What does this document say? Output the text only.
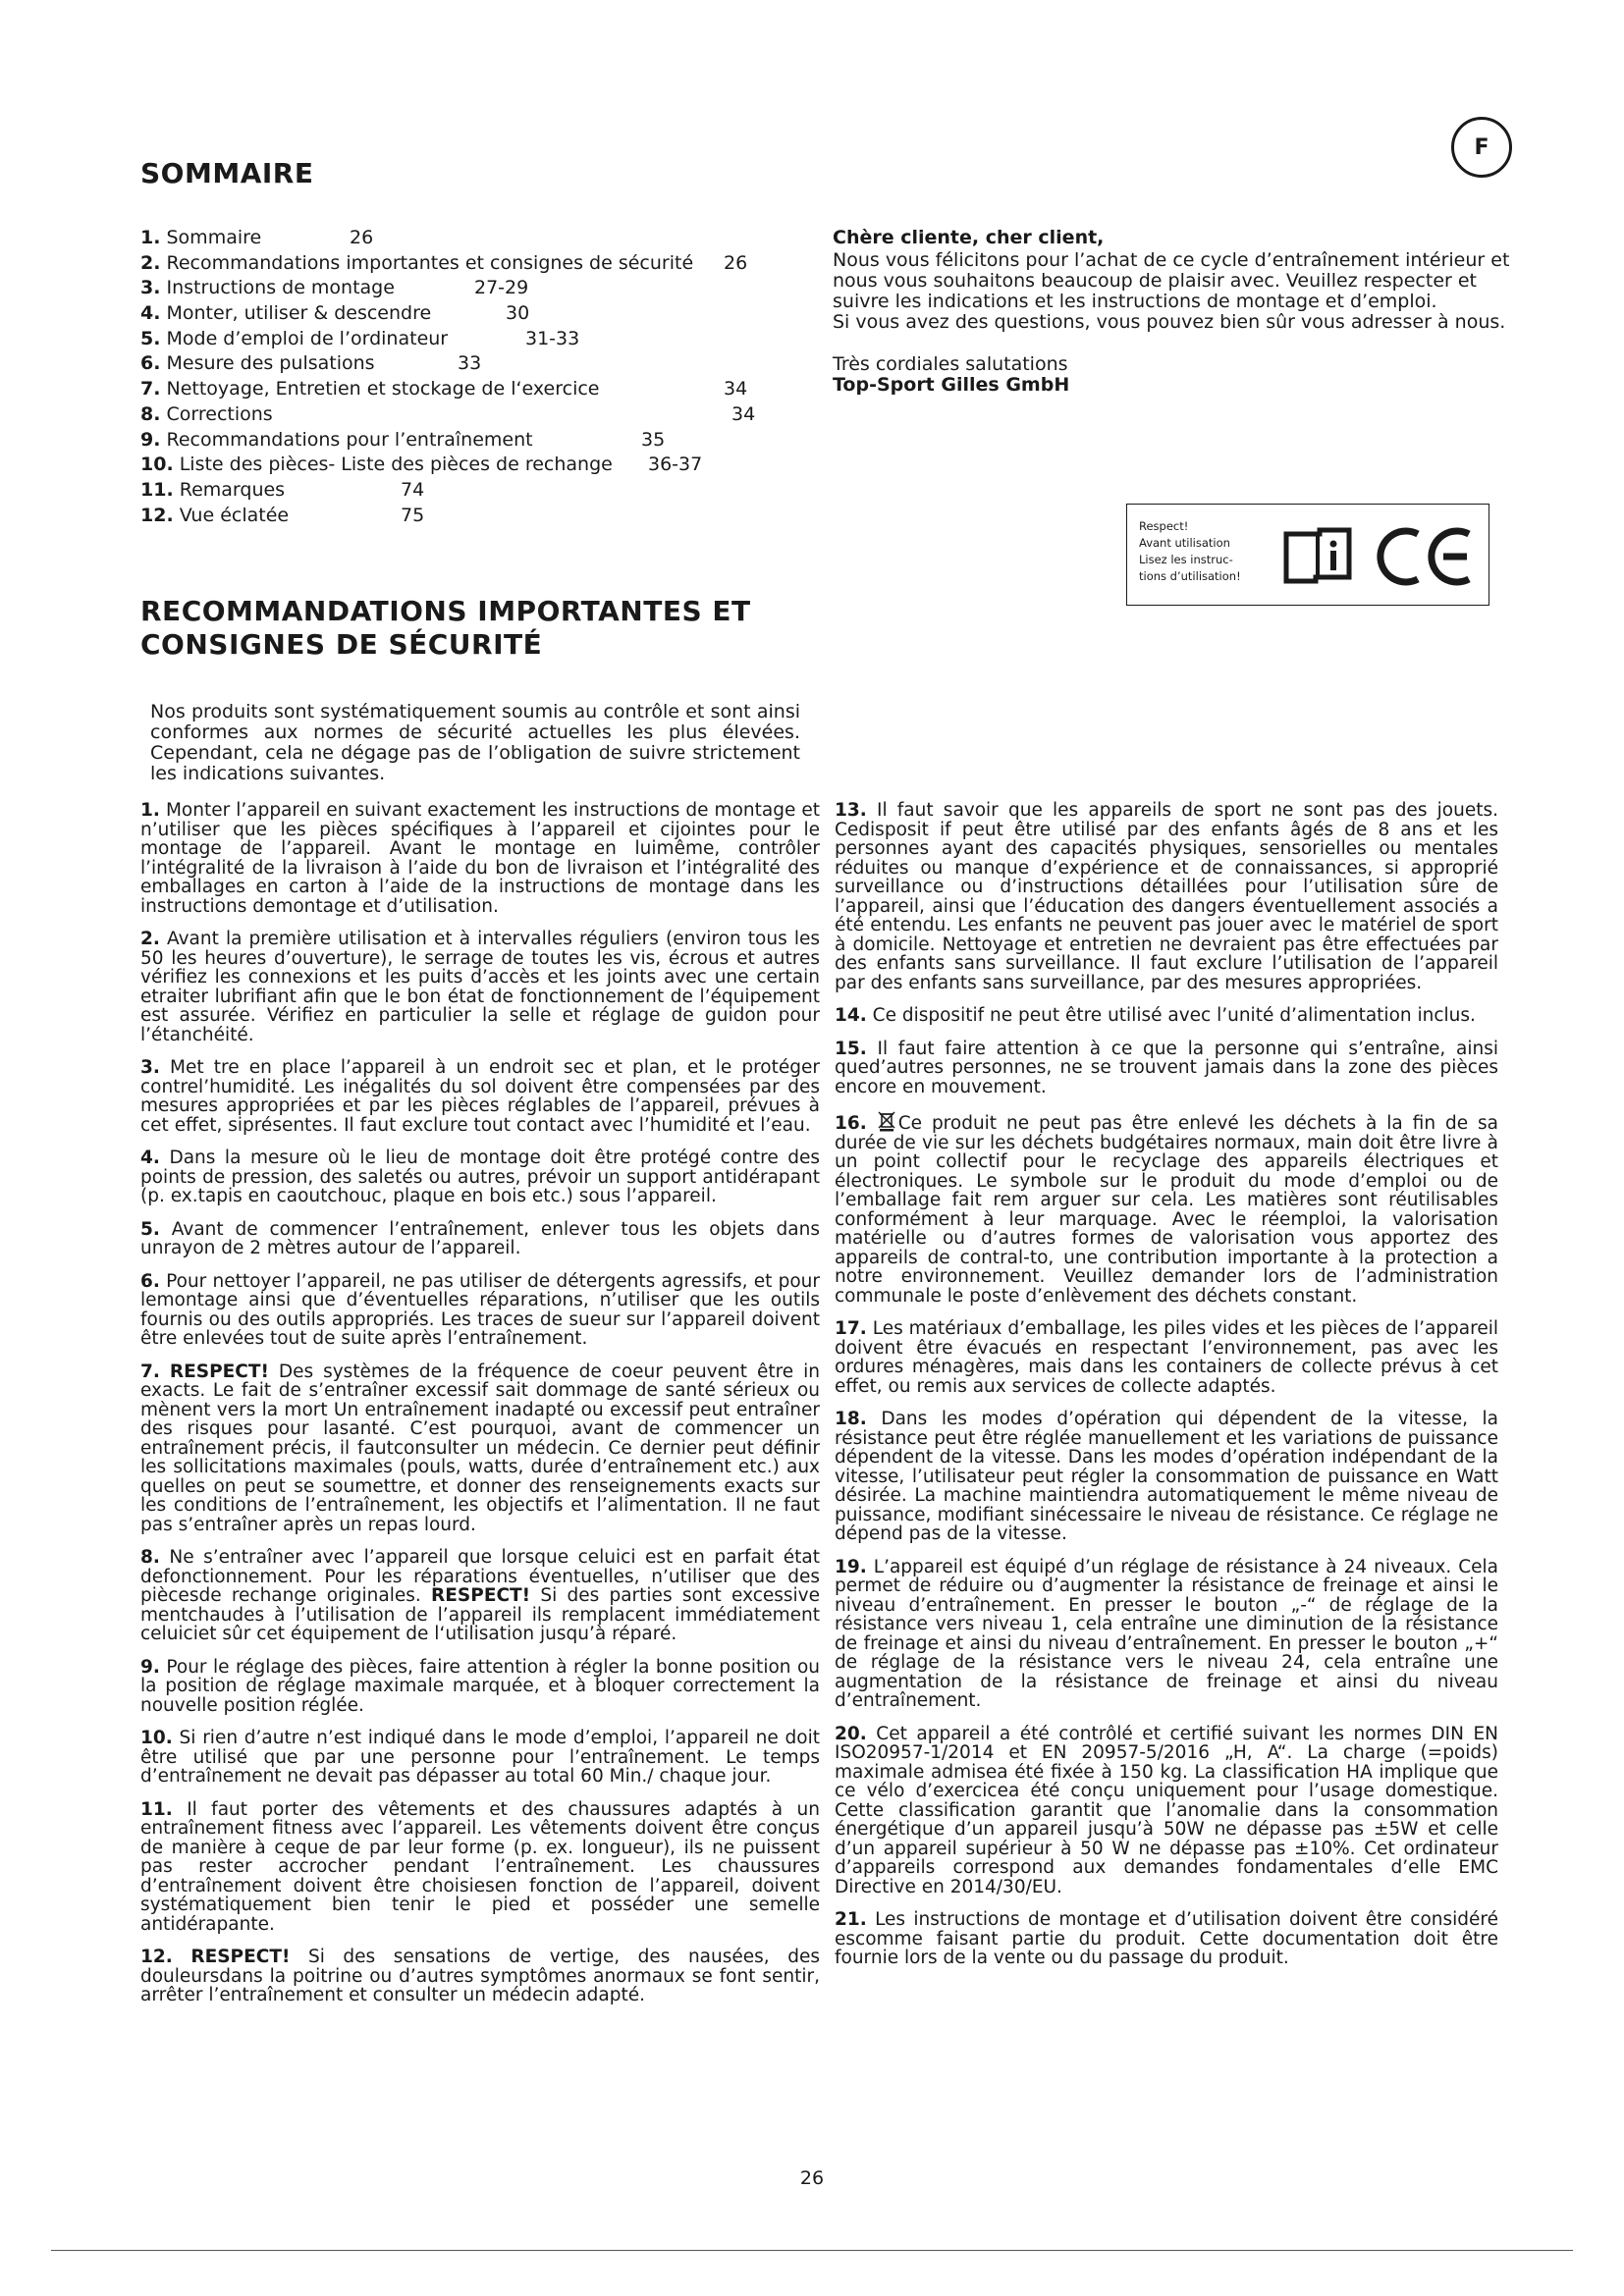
F
SOMMAIRE
1. Sommaire	26
2. Recommandations importantes et consignes de sécurité 26
3. Instructions de montage	27-29
4. Monter, utiliser & descendre	30
5. Mode d’emploi de l’ordinateur	31-33
6. Mesure des pulsations	33
7. Nettoyage, Entretien et stockage de l‘exercice	34
8. Corrections	34
9. Recommandations pour l’entraînement	35
10. Liste des pièces- Liste des pièces de rechange 36-37
11. Remarques	74
12. Vue éclatée	75

Chère cliente, cher client,

Nous vous félicitons pour l’achat de ce cycle d’entraînement intérieur et nous vous souhaitons beaucoup de plaisir avec. Veuillez respecter et suivre les indications et les instructions de montage et d’emploi.

Si vous avez des questions, vous pouvez bien sûr vous adresser à nous.

Très cordiales salutations

Top-Sport Gilles GmbH

Respect!
Avant utilisation
Lisez les instruc-
tions d’utilisation!
RECOMMANDATIONS IMPORTANTES ET CONSIGNES DE SÉCURITÉ

Nos produits sont systématiquement soumis au contrôle et sont ainsi conformes aux normes de sécurité actuelles les plus élevées. Cependant, cela ne dégage pas de l’obligation de suivre strictement les indications suivantes.

1. Monter l’appareil en suivant exactement les instructions de montage et n’utiliser que les pièces spécifiques à l’appareil et cijointes pour le montage de l’appareil. Avant le montage en luimême, contrôler l’intégralité de la livraison à l’aide du bon de livraison et l’intégralité des emballages en carton à l’aide de la instructions de montage dans les instructions demontage et d’utilisation.

2. Avant la première utilisation et à intervalles réguliers (environ tous les 50 les heures d’ouverture), le serrage de toutes les vis, écrous et autres vérifiez les connexions et les puits d’accès et les joints avec une certain etraiter lubrifiant afin que le bon état de fonctionnement de l’équipement est assurée. Vérifiez en particulier la selle et réglage de guidon pour l’étanchéité.

3. Met tre en place l’appareil à un endroit sec et plan, et le protéger contrel’humidité. Les inégalités du sol doivent être compensées par des mesures appropriées et par les pièces réglables de l’appareil, prévues à cet effet, siprésentes. Il faut exclure tout contact avec l’humidité et l’eau.

4. Dans la mesure où le lieu de montage doit être protégé contre des points de pression, des saletés ou autres, prévoir un support antidérapant (p. ex.tapis en caoutchouc, plaque en bois etc.) sous l’appareil.

5. Avant de commencer l’entraînement, enlever tous les objets dans unrayon de 2 mètres autour de l’appareil.

6. Pour nettoyer l’appareil, ne pas utiliser de détergents agressifs, et pour lemontage ainsi que d’éventuelles réparations, n’utiliser que les outils fournis ou des outils appropriés. Les traces de sueur sur l’appareil doivent être enlevées tout de suite après l’entraînement.

7. RESPECT! Des systèmes de la fréquence de coeur peuvent être in exacts. Le fait de s’entraîner excessif sait dommage de santé sérieux ou mènent vers la mort Un entraînement inadapté ou excessif peut entraîner des risques pour lasanté. C’est pourquoi, avant de commencer un entraînement précis, il fautconsulter un médecin. Ce dernier peut définir les sollicitations maximales (pouls, watts, durée d’entraînement etc.) aux quelles on peut se soumettre, et donner des renseignements exacts sur les conditions de l’entraînement, les objectifs et l’alimentation. Il ne faut pas s’entraîner après un repas lourd.

8. Ne s’entraîner avec l’appareil que lorsque celuici est en parfait état defonctionnement. Pour les réparations éventuelles, n’utiliser que des piècesde rechange originales. RESPECT! Si des parties sont excessive mentchaudes à l’utilisation de l’appareil ils remplacent immédiatement celuiciet sûr cet équipement de l‘utilisation jusqu’à réparé.

9. Pour le réglage des pièces, faire attention à régler la bonne position ou la position de réglage maximale marquée, et à bloquer correctement la nouvelle position réglée.

10. Si rien d’autre n’est indiqué dans le mode d’emploi, l’appareil ne doit être utilisé que par une personne pour l’entraînement. Le temps d’entraînement ne devait pas dépasser au total 60 Min./ chaque jour.

11. Il faut porter des vêtements et des chaussures adaptés à un entraînement fitness avec l’appareil. Les vêtements doivent être conçus de manière à ceque de par leur forme (p. ex. longueur), ils ne puissent pas rester accrocher pendant l’entraînement. Les chaussures d’entraînement doivent être choisiesen fonction de l’appareil, doivent systématiquement bien tenir le pied et posséder une semelle antidérapante.

12. RESPECT! Si des sensations de vertige, des nausées, des douleursdans la poitrine ou d’autres symptômes anormaux se font sentir, arrêter l’entraînement et consulter un médecin adapté.

13. Il faut savoir que les appareils de sport ne sont pas des jouets. Cedisposit if peut être utilisé par des enfants âgés de 8 ans et les personnes ayant des capacités physiques, sensorielles ou mentales réduites ou manque d’expérience et de connaissances, si approprié surveillance ou d’instructions détaillées pour l’utilisation sûre de l’appareil, ainsi que l’éducation des dangers éventuellement associés a été entendu. Les enfants ne peuvent pas jouer avec le matériel de sport à domicile. Nettoyage et entretien ne devraient pas être effectuées par des enfants sans surveillance. Il faut exclure l’utilisation de l’appareil par des enfants sans surveillance, par des mesures appropriées.

14. Ce dispositif ne peut être utilisé avec l’unité d’alimentation inclus.

15. Il faut faire attention à ce que la personne qui s’entraîne, ainsi qued’autres personnes, ne se trouvent jamais dans la zone des pièces encore en mouvement.

16. Ce produit ne peut pas être enlevé les déchets à la fin de sa durée de vie sur les déchets budgétaires normaux, main doit être livre à un point collectif pour le recyclage des appareils électriques et électroniques. Le symbole sur le produit du mode d’emploi ou de l’emballage fait rem arguer sur cela. Les matières sont réutilisables conformément à leur marquage. Avec le réemploi, la valorisation matérielle ou d’autres formes de valorisation vous apportez des appareils de contral-to, une contribution importante à la protection a notre environnement. Veuillez demander lors de l’administration communale le poste d’enlèvement des déchets constant.

17. Les matériaux d’emballage, les piles vides et les pièces de l’appareil doivent être évacués en respectant l’environnement, pas avec les ordures ménagères, mais dans les containers de collecte prévus à cet effet, ou remis aux services de collecte adaptés.

18. Dans les modes d’opération qui dépendent de la vitesse, la résistance peut être réglée manuellement et les variations de puissance dépendent de la vitesse. Dans les modes d’opération indépendant de la vitesse, l’utilisateur peut régler la consommation de puissance en Watt désirée. La machine maintiendra automatiquement le même niveau de puissance, modifiant sinécessaire le niveau de résistance. Ce réglage ne dépend pas de la vitesse.

19. L’appareil est équipé d’un réglage de résistance à 24 niveaux. Cela permet de réduire ou d’augmenter la résistance de freinage et ainsi le niveau d’entraînement. En presser le bouton „-“ de réglage de la résistance vers niveau 1, cela entraîne une diminution de la résistance de freinage et ainsi du niveau d’entraînement. En presser le bouton „+“ de réglage de la résistance vers le niveau 24, cela entraîne une augmentation de la résistance de freinage et ainsi du niveau d’entraînement.

20. Cet appareil a été contrôlé et certifié suivant les normes DIN EN ISO20957-1/2014 et EN 20957-5/2016 „H, A“. La charge (=poids) maximale admisea été fixée à 150 kg. La classification HA implique que ce vélo d’exercicea été conçu uniquement pour l’usage domestique. Cette classification garantit que l’anomalie dans la consommation énergétique d’un appareil jusqu’à 50W ne dépasse pas ±5W et celle d’un appareil supérieur à 50 W ne dépasse pas ±10%. Cet ordinateur d’appareils correspond aux demandes fondamentales d’elle EMC Directive en 2014/30/EU.

21. Les instructions de montage et d’utilisation doivent être considéré escomme faisant partie du produit. Cette documentation doit être fournie lors de la vente ou du passage du produit.

26
